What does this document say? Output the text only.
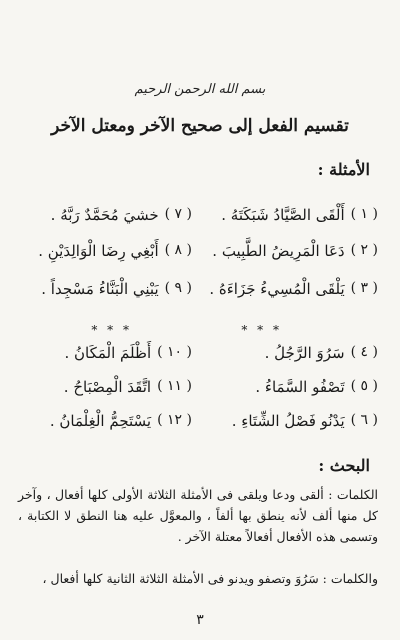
بسم الله الرحمن الرحيم
تقسيم الفعل إلى صحيح الآخر ومعتل الآخر
الأمثلة :
( ١ )
أَلْقَى الصَّيَّادُ شَبَكَتَهُ .
( ٧ )
خشيَ مُحَمَّدٌ رَبَّهُ .
( ٢ )
دَعَا الْمَرِيضُ الطَّبِيبَ .
( ٨ )
أَبْغِي رِضَا الْوَالِدَيْنِ .
( ٣ )
يَلْقَى الْمُسِيءُ جَزَاءَهُ .
( ٩ )
يَبْنِي الْبَنَّاءُ مَسْجِداً .
* * *
* * *
( ٤ )
سَرُوَ الرَّجُلُ .
( ١٠ )
أَظْلَمَ الْمَكَانُ .
( ٥ )
تَصْفُو السَّمَاءُ .
( ١١ )
اتَّقَدَ الْمِصْبَاحُ .
( ٦ )
يَدْنُو فَصْلُ الشِّتَاءِ .
( ١٢ )
يَسْتَحِمُّ الْغِلْمَانُ .
البحث :
الكلمات : ألقى ودعا ويلقى فى الأمثلة الثلاثة الأولى كلها أفعال ، وآخر كل منها ألف لأنه ينطق بها ألفاً ، والمعوَّل عليه هنا النطق لا الكتابة ، وتسمى هذه الأفعال أفعالاً معتلة الآخر .
والكلمات : سَرُوَ وتصفو ويدنو فى الأمثلة الثلاثة الثانية كلها أفعال ،
٣
